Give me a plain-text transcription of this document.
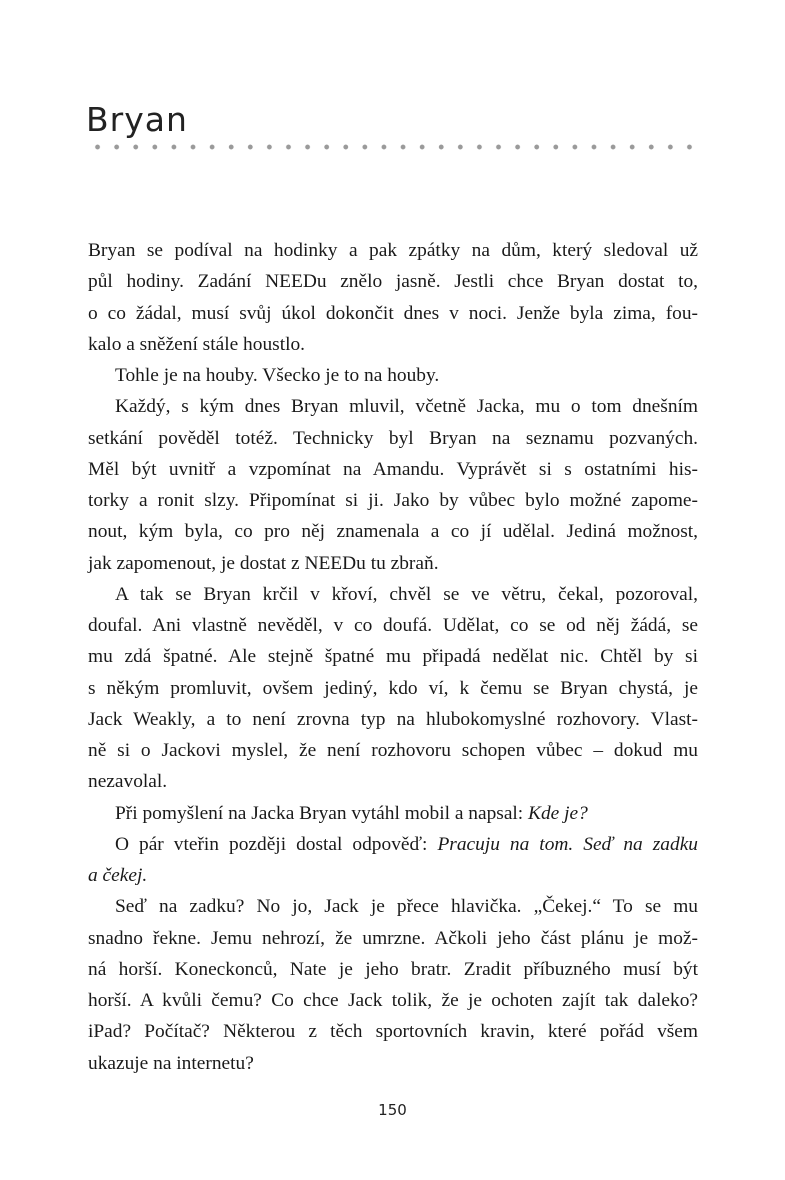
Bryan
Bryan se podíval na hodinky a pak zpátky na dům, který sledoval už
půl hodiny. Zadání NEEDu znělo jasně. Jestli chce Bryan dostat to,
o co žádal, musí svůj úkol dokončit dnes v noci. Jenže byla zima, fou-
kalo a sněžení stále houstlo.
Tohle je na houby. Všecko je to na houby.
Každý, s kým dnes Bryan mluvil, včetně Jacka, mu o tom dnešním
setkání pověděl totéž. Technicky byl Bryan na seznamu pozvaných.
Měl být uvnitř a vzpomínat na Amandu. Vyprávět si s ostatními his-
torky a ronit slzy. Připomínat si ji. Jako by vůbec bylo možné zapome-
nout, kým byla, co pro něj znamenala a co jí udělal. Jediná možnost,
jak zapomenout, je dostat z NEEDu tu zbraň.
A tak se Bryan krčil v křoví, chvěl se ve větru, čekal, pozoroval,
doufal. Ani vlastně nevěděl, v co doufá. Udělat, co se od něj žádá, se
mu zdá špatné. Ale stejně špatné mu připadá nedělat nic. Chtěl by si
s někým promluvit, ovšem jediný, kdo ví, k čemu se Bryan chystá, je
Jack Weakly, a to není zrovna typ na hlubokomyslné rozhovory. Vlast-
ně si o Jackovi myslel, že není rozhovoru schopen vůbec – dokud mu
nezavolal.
Při pomyšlení na Jacka Bryan vytáhl mobil a napsal: Kde je?
O pár vteřin později dostal odpověď: Pracuju na tom. Seď na zadku
a čekej.
Seď na zadku? No jo, Jack je přece hlavička. „Čekej.“ To se mu
snadno řekne. Jemu nehrozí, že umrzne. Ačkoli jeho část plánu je mož-
ná horší. Koneckonců, Nate je jeho bratr. Zradit příbuzného musí být
horší. A kvůli čemu? Co chce Jack tolik, že je ochoten zajít tak daleko?
iPad? Počítač? Některou z těch sportovních kravin, které pořád všem
ukazuje na internetu?
150
